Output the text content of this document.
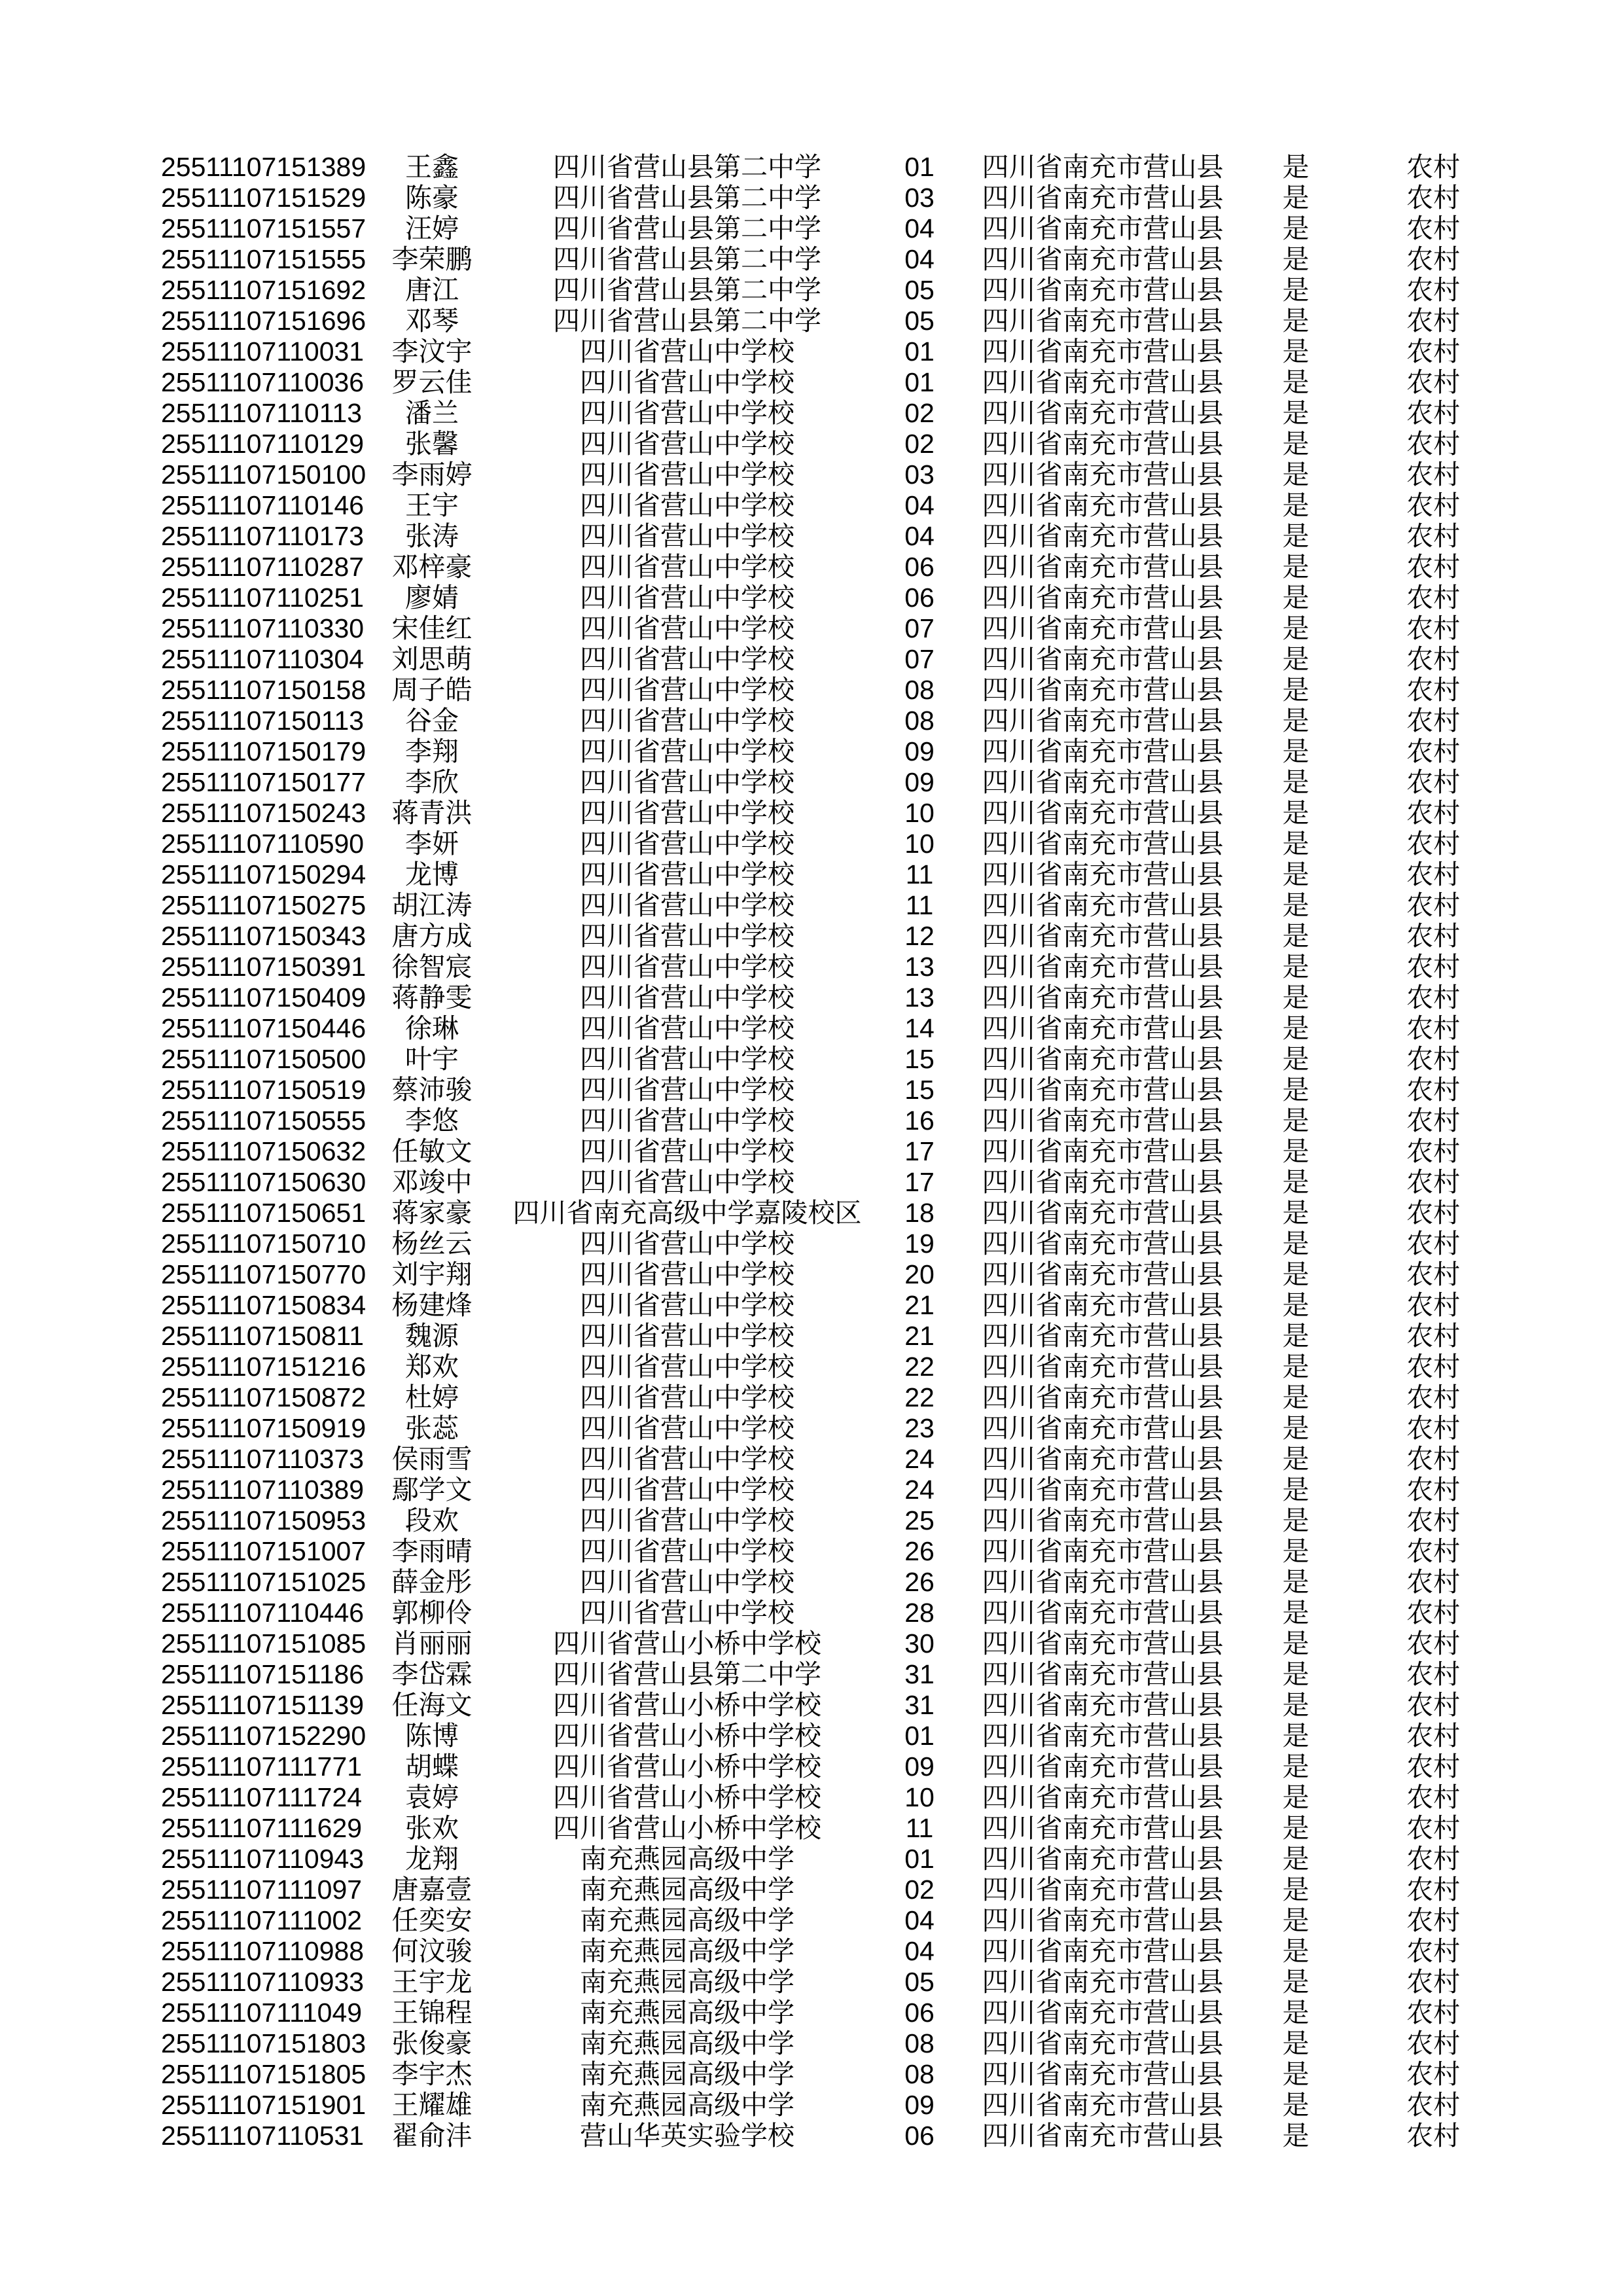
25511107151389	王鑫	四川省营山县第二中学	01	四川省南充市营山县	是	农村
25511107151529	陈豪	四川省营山县第二中学	03	四川省南充市营山县	是	农村
25511107151557	汪婷	四川省营山县第二中学	04	四川省南充市营山县	是	农村
25511107151555 李荣鹏	四川省营山县第二中学	04	四川省南充市营山县	是	农村
25511107151692	唐江	四川省营山县第二中学	05	四川省南充市营山县	是	农村
25511107151696	邓琴	四川省营山县第二中学	05	四川省南充市营山县	是	农村
25511107110031	李汶宇	四川省营山中学校	01	四川省南充市营山县	是	农村
25511107110036	罗云佳	四川省营山中学校	01	四川省南充市营山县	是	农村
25511107110113	潘兰	四川省营山中学校	02	四川省南充市营山县	是	农村
25511107110129	张馨	四川省营山中学校	02	四川省南充市营山县	是	农村
25511107150100 李雨婷	四川省营山中学校	03	四川省南充市营山县	是	农村
25511107110146	王宇	四川省营山中学校	04	四川省南充市营山县	是	农村
25511107110173	张涛	四川省营山中学校	04	四川省南充市营山县	是	农村
25511107110287	邓梓豪	四川省营山中学校	06	四川省南充市营山县	是	农村
25511107110251	廖婧	四川省营山中学校	06	四川省南充市营山县	是	农村
25511107110330	宋佳红	四川省营山中学校	07	四川省南充市营山县	是	农村
25511107110304	刘思萌	四川省营山中学校	07	四川省南充市营山县	是	农村
25511107150158 周子皓	四川省营山中学校	08	四川省南充市营山县	是	农村
25511107150113	谷金	四川省营山中学校	08	四川省南充市营山县	是	农村
25511107150179	李翔	四川省营山中学校	09	四川省南充市营山县	是	农村
25511107150177	李欣	四川省营山中学校	09	四川省南充市营山县	是	农村
25511107150243 蒋青洪	四川省营山中学校	10	四川省南充市营山县	是	农村
25511107110590	李妍	四川省营山中学校	10	四川省南充市营山县	是	农村
25511107150294	龙博	四川省营山中学校	11	四川省南充市营山县	是	农村
25511107150275 胡江涛	四川省营山中学校	11	四川省南充市营山县	是	农村
25511107150343 唐方成	四川省营山中学校	12	四川省南充市营山县	是	农村
25511107150391 徐智宸	四川省营山中学校	13	四川省南充市营山县	是	农村
25511107150409 蒋静雯	四川省营山中学校	13	四川省南充市营山县	是	农村
25511107150446	徐琳	四川省营山中学校	14	四川省南充市营山县	是	农村
25511107150500	叶宇	四川省营山中学校	15	四川省南充市营山县	是	农村
25511107150519 蔡沛骏	四川省营山中学校	15	四川省南充市营山县	是	农村
25511107150555	李悠	四川省营山中学校	16	四川省南充市营山县	是	农村
25511107150632 任敏文	四川省营山中学校	17	四川省南充市营山县	是	农村
25511107150630 邓竣中	四川省营山中学校	17	四川省南充市营山县	是	农村
25511107150651 蒋家豪	四川省南充高级中学嘉陵校区	18	四川省南充市营山县	是	农村
25511107150710 杨丝云	四川省营山中学校	19	四川省南充市营山县	是	农村
25511107150770 刘宇翔	四川省营山中学校	20	四川省南充市营山县	是	农村
25511107150834 杨建烽	四川省营山中学校	21	四川省南充市营山县	是	农村
25511107150811	魏源	四川省营山中学校	21	四川省南充市营山县	是	农村
25511107151216	郑欢	四川省营山中学校	22	四川省南充市营山县	是	农村
25511107150872	杜婷	四川省营山中学校	22	四川省南充市营山县	是	农村
25511107150919	张蕊	四川省营山中学校	23	四川省南充市营山县	是	农村
25511107110373	侯雨雪	四川省营山中学校	24	四川省南充市营山县	是	农村
25511107110389	鄢学文	四川省营山中学校	24	四川省南充市营山县	是	农村
25511107150953	段欢	四川省营山中学校	25	四川省南充市营山县	是	农村
25511107151007 李雨晴	四川省营山中学校	26	四川省南充市营山县	是	农村
25511107151025 薛金彤	四川省营山中学校	26	四川省南充市营山县	是	农村
25511107110446	郭柳伶	四川省营山中学校	28	四川省南充市营山县	是	农村
25511107151085 肖丽丽	四川省营山小桥中学校	30	四川省南充市营山县	是	农村
25511107151186	李岱霖	四川省营山县第二中学	31	四川省南充市营山县	是	农村
25511107151139	任海文	四川省营山小桥中学校	31	四川省南充市营山县	是	农村
25511107152290	陈博	四川省营山小桥中学校	01	四川省南充市营山县	是	农村
25511107111771	胡蝶	四川省营山小桥中学校	09	四川省南充市营山县	是	农村
25511107111724	袁婷	四川省营山小桥中学校	10	四川省南充市营山县	是	农村
25511107111629	张欢	四川省营山小桥中学校	11	四川省南充市营山县	是	农村
25511107110943	龙翔	南充燕园高级中学	01	四川省南充市营山县	是	农村
25511107111097	唐嘉壹	南充燕园高级中学	02	四川省南充市营山县	是	农村
25511107111002	任奕安	南充燕园高级中学	04	四川省南充市营山县	是	农村
25511107110988	何汶骏	南充燕园高级中学	04	四川省南充市营山县	是	农村
25511107110933	王宇龙	南充燕园高级中学	05	四川省南充市营山县	是	农村
25511107111049	王锦程	南充燕园高级中学	06	四川省南充市营山县	是	农村
25511107151803 张俊豪	南充燕园高级中学	08	四川省南充市营山县	是	农村
25511107151805 李宇杰	南充燕园高级中学	08	四川省南充市营山县	是	农村
25511107151901 王耀雄	南充燕园高级中学	09	四川省南充市营山县	是	农村
25511107110531	翟俞沣	营山华英实验学校	06	四川省南充市营山县	是	农村
